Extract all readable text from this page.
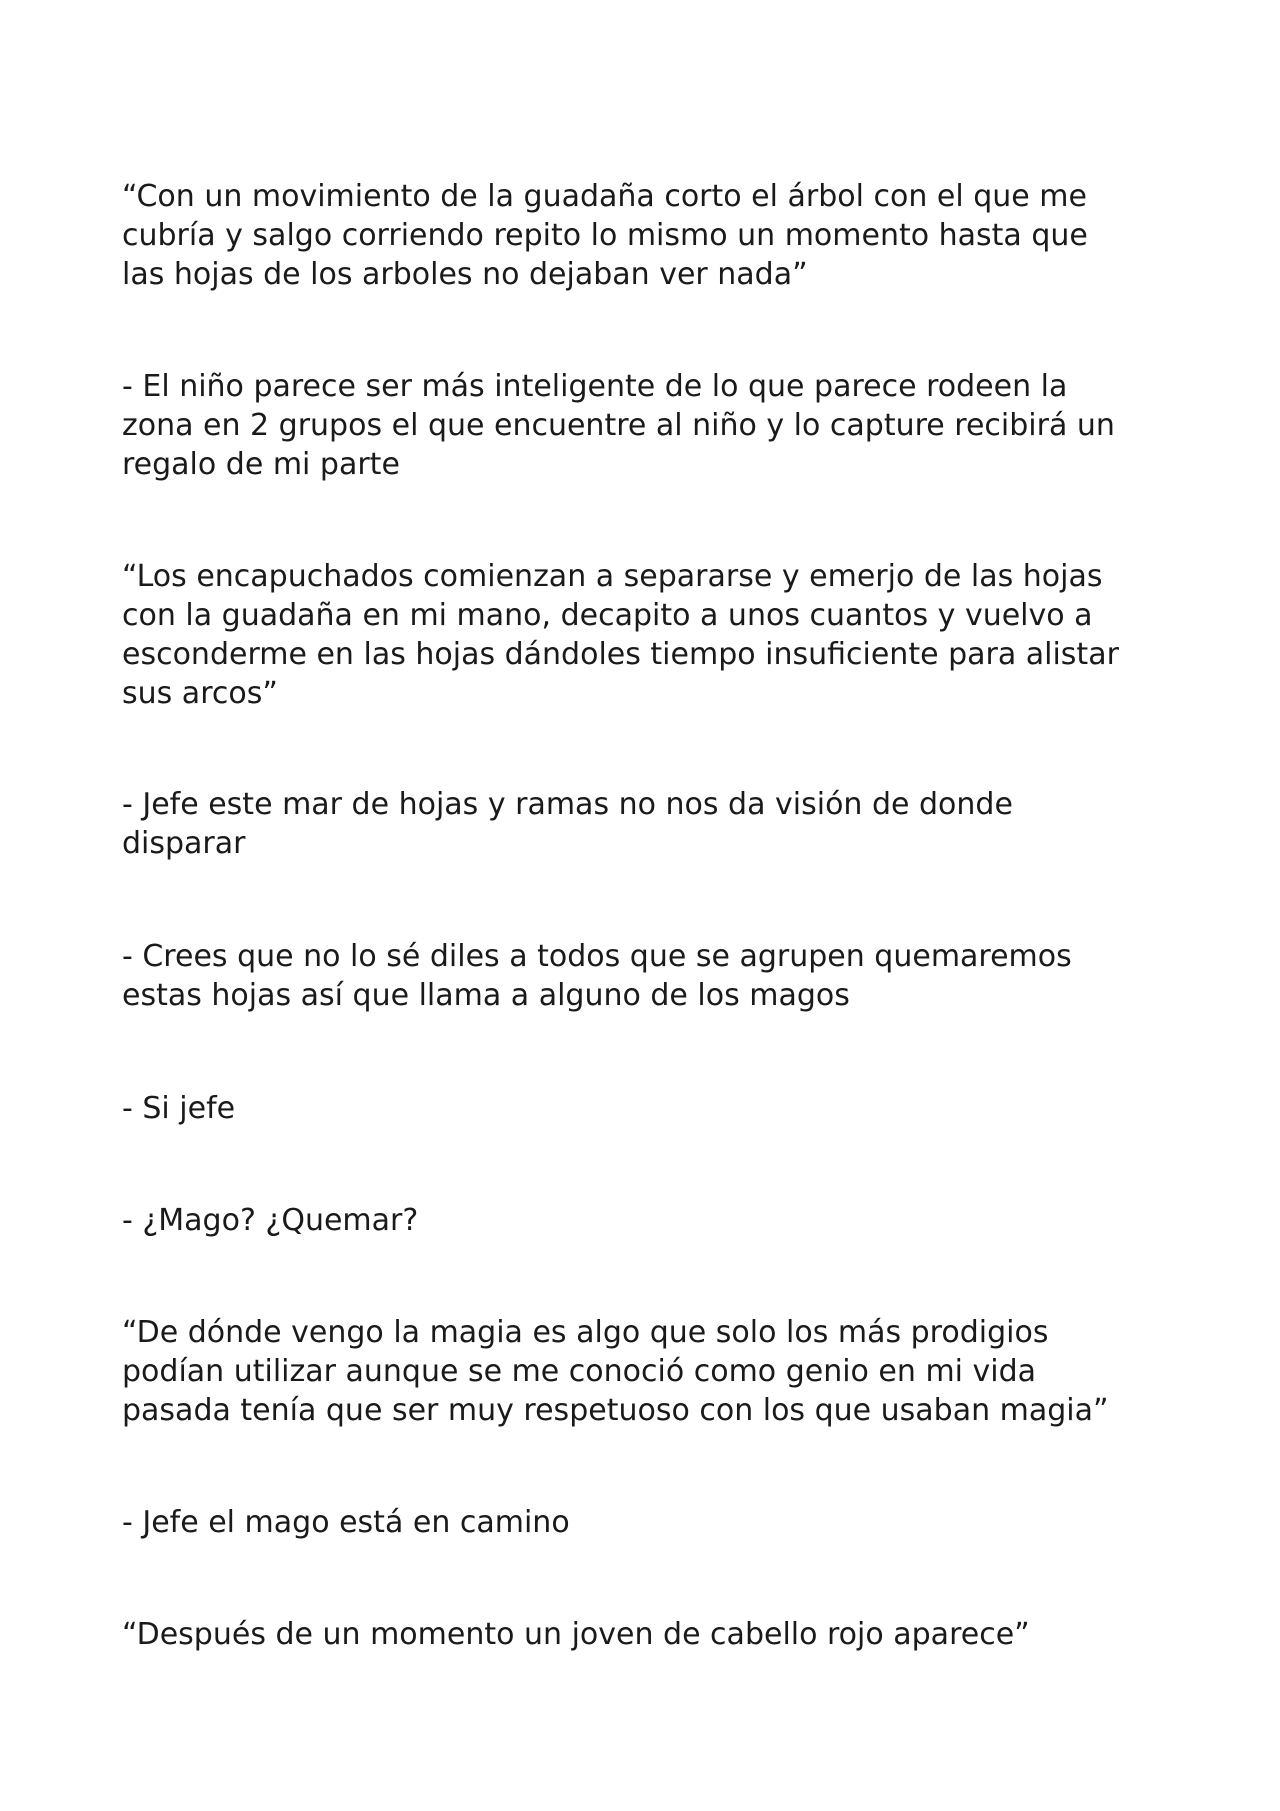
“Con un movimiento de la guadaña corto el árbol con el que me
cubría y salgo corriendo repito lo mismo un momento hasta que
las hojas de los arboles no dejaban ver nada”

- El niño parece ser más inteligente de lo que parece rodeen la
zona en 2 grupos el que encuentre al niño y lo capture recibirá un
regalo de mi parte

“Los encapuchados comienzan a separarse y emerjo de las hojas
con la guadaña en mi mano, decapito a unos cuantos y vuelvo a
esconderme en las hojas dándoles tiempo insuficiente para alistar
sus arcos”

- Jefe este mar de hojas y ramas no nos da visión de donde
disparar

- Crees que no lo sé diles a todos que se agrupen quemaremos
estas hojas así que llama a alguno de los magos

- Si jefe

- ¿Mago? ¿Quemar?

“De dónde vengo la magia es algo que solo los más prodigios
podían utilizar aunque se me conoció como genio en mi vida
pasada tenía que ser muy respetuoso con los que usaban magia”

- Jefe el mago está en camino

“Después de un momento un joven de cabello rojo aparece”
